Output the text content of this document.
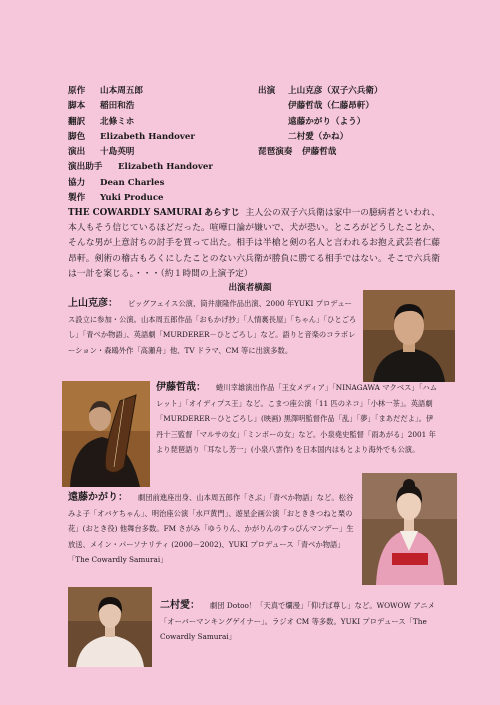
原作 山本周五郎
脚本 稲田和浩
翻訳 北條ミホ
脚色 Elizabeth Handover
演出 十島英明
演出助手 Elizabeth Handover
協力 Dean Charles
製作 Yuki Produce
出演 上山克彦（双子六兵衛）
伊藤哲哉（仁藤昂軒）
遠藤かがり（よう）
二村愛（かね）
琵琶演奏 伊藤哲哉
THE COWARDLY SAMURAI あらすじ 主人公の双子六兵衛は家中一の臆病者といわれ、本人もそう信じているほどだった。喧嘩口論が嫌いで、犬が恐い。ところがどうしたことか、そんな男が上意討ちの討手を買って出た。相手は半槍と剣の名人と言われるお抱え武芸者仁藤昂軒。剣術の稽古もろくにしたことのない六兵衛が勝負に勝てる相手ではない。そこで六兵衛は一計を案じる。・・・（約１時間の上演予定）
出演者横顔
上山克彦： ビッグフェイス公演、筒井康隆作品出演、2000 年YUKI プロデュース設立に参加・公演。山本周五郎作品「おもかげ抄」「人情裏長屋」「ちゃん」「ひとごろし」「青べか物語」、英語劇「MURDERER－ひとごろし」など。語りと音楽のコラボレーション・森鴎外作「高瀬舟」他、TV ドラマ、CM 等に出演多数。
伊藤哲哉： 蜷川幸雄演出作品「王女メディア」「NINAGAWA マクベス」「ハムレット」「オイディプス王」など。こまつ座公演「11 匹のネコ」「小林一茶」。英語劇「MURDERER－ひとごろし」(映画) 黒澤明監督作品「乱」「夢」「まあだだよ」。伊丹十三監督「マルサの女」「ミンボーの女」など。小泉堯史監督「雨あがる」2001 年より琵琶語り「耳なし芳一」(小泉八雲作) を日本国内はもとより海外でも公演。
遠藤かがり： 劇団前進座出身、山本周五郎作「さぶ」「青べか物語」など。松谷みよ子「オバケちゃん」、明治座公演「水戸黄門」、遊星企画公演「おとききつねと栗の花」(おとき役) 他舞台多数。FM さがみ「ゆうりん、かがりんのすっぴんマンデー」生放送、メイン・パーソナリティ (2000－2002)、YUKI プロデュース「青べか物語」「The Cowardly Samurai」
二村愛： 劇団 Dotoo！「天真で爛漫」「仰げば尊し」など。WOWOW アニメ「オーバーマンキングゲイナー」。ラジオ CM 等多数。YUKI プロデュース「The Cowardly Samurai」
